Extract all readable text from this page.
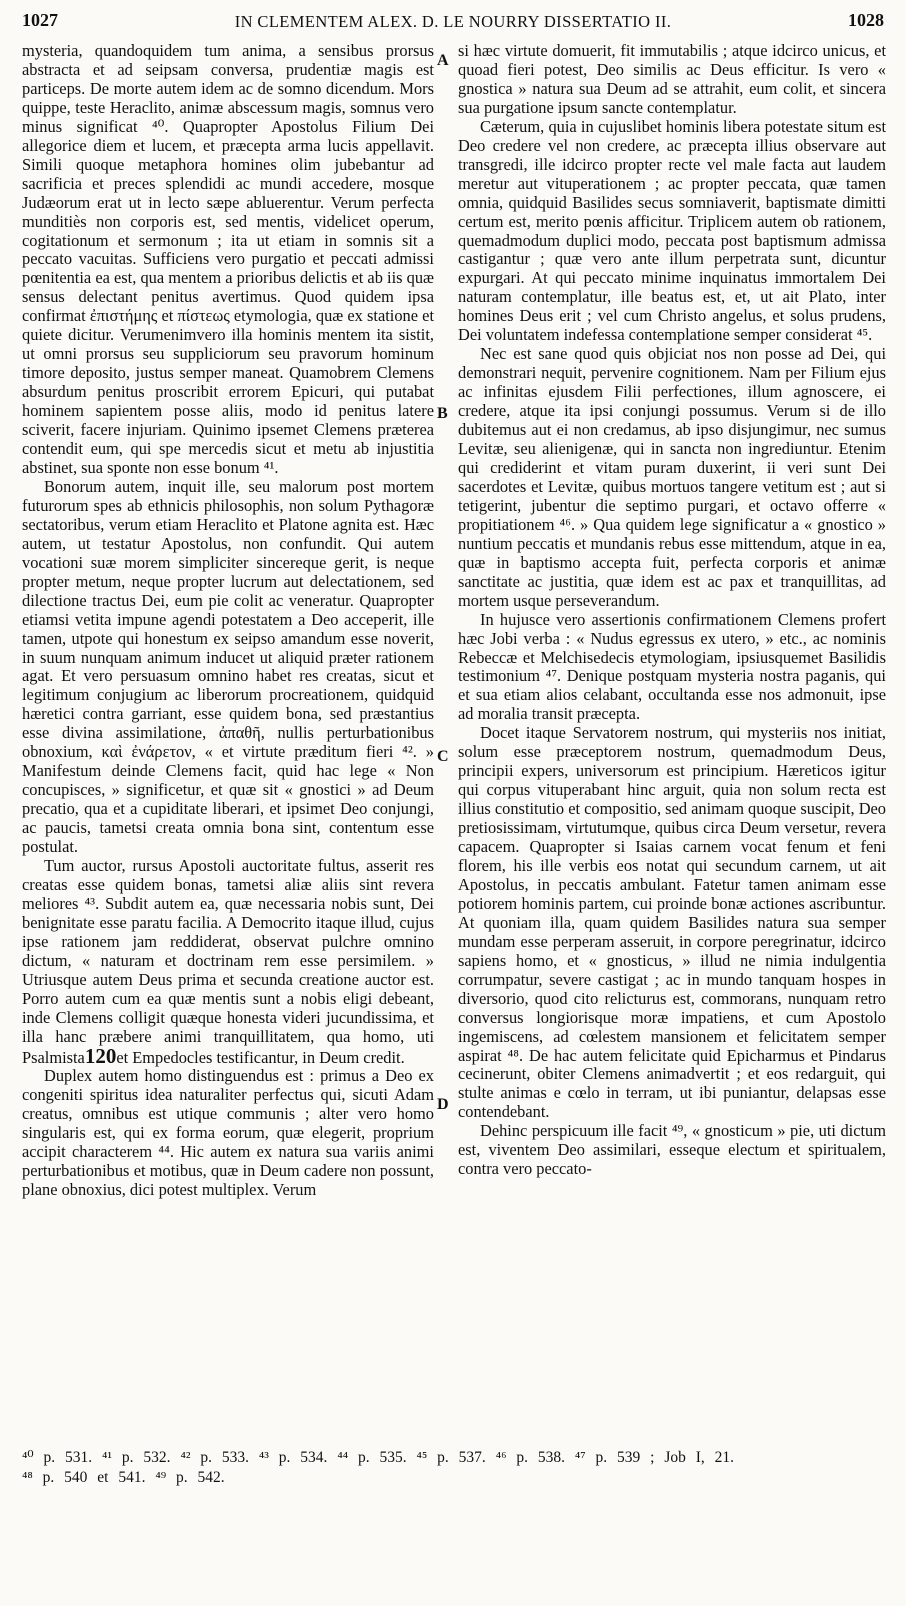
1027	IN CLEMENTEM ALEX. D. LE NOURRY DISSERTATIO II.	1028

mysteria, quandoquidem tum anima, a sensibus prorsus abstracta et ad seipsam conversa, prudentiæ magis est particeps. De morte autem idem ac de somno dicendum. Mors quippe, teste Heraclito, animæ abscessum magis, somnus vero minus significat ⁴⁰. Quapropter Apostolus Filium Dei allegorice diem et lucem, et præcepta arma lucis appellavit. Simili quoque metaphora homines olim jubebantur ad sacrificia et preces splendidi ac mundi accedere, mosque Judæorum erat ut in lecto sæpe abluerentur. Verum perfecta munditiès non corporis est, sed mentis, videlicet operum, cogitationum et sermonum ; ita ut etiam in somnis sit a peccato vacuitas. Sufficiens vero purgatio et peccati admissi pœnitentia ea est, qua mentem a prioribus delictis et ab iis quæ sensus delectant penitus avertimus. Quod quidem ipsa confirmat ἐπιστήμης et πίστεως etymologia, quæ ex statione et quiete dicitur. Verumenimvero illa hominis mentem ita sistit, ut omni prorsus seu suppliciorum seu pravorum hominum timore deposito, justus semper maneat. Quamobrem Clemens absurdum penitus proscribit errorem Epicuri, qui putabat hominem sapientem posse aliis, modo id penitus latere sciverit, facere injuriam. Quinimo ipsemet Clemens præterea contendit eum, qui spe mercedis sicut et metu ab injustitia abstinet, sua sponte non esse bonum ⁴¹.

Bonorum autem, inquit ille, seu malorum post mortem futurorum spes ab ethnicis philosophis, non solum Pythagoræ sectatoribus, verum etiam Heraclito et Platone agnita est. Hæc autem, ut testatur Apostolus, non confundit. Qui autem vocationi suæ morem simpliciter sincereque gerit, is neque propter metum, neque propter lucrum aut delectationem, sed dilectione tractus Dei, eum pie colit ac veneratur. Quapropter etiamsi vetita impune agendi potestatem a Deo acceperit, ille tamen, utpote qui honestum ex seipso amandum esse noverit, in suum nunquam animum inducet ut aliquid præter rationem agat. Et vero persuasum omnino habet res creatas, sicut et legitimum conjugium ac liberorum procreationem, quidquid hæretici contra garriant, esse quidem bona, sed præstantius esse divina assimilatione, ἀπαθῆ, nullis perturbationibus obnoxium, καὶ ἐνάρετον, « et virtute præditum fieri ⁴². » Manifestum deinde Clemens facit, quid hac lege « Non concupisces, » significetur, et quæ sit « gnostici » ad Deum precatio, qua et a cupiditate liberari, et ipsimet Deo conjungi, ac paucis, tametsi creata omnia bona sint, contentum esse postulat.

Tum auctor, rursus Apostoli auctoritate fultus, asserit res creatas esse quidem bonas, tametsi aliæ aliis sint revera meliores ⁴³. Subdit autem ea, quæ necessaria nobis sunt, Dei benignitate esse paratu facilia. A Democrito itaque illud, cujus ipse rationem jam reddiderat, observat pulchre omnino dictum, « naturam et doctrinam rem esse persimilem. » Utriusque autem Deus prima et secunda creatione auctor est. Porro autem cum ea quæ mentis sunt a nobis eligi debeant, inde Clemens colligit quæque honesta videri jucundissima, et illa hanc præbere animi tranquillitatem, qua homo, uti Psalmista120et Empedocles testificantur, in Deum credit.

Duplex autem homo distinguendus est : primus a Deo ex congeniti spiritus idea naturaliter perfectus qui, sicuti Adam creatus, omnibus est utique communis ; alter vero homo singularis est, qui ex forma eorum, quæ elegerit, proprium accipit characterem ⁴⁴. Hic autem ex natura sua variis animi perturbationibus et motibus, quæ in Deum cadere non possunt, plane obnoxius, dici potest multiplex. Verum

A
B
C
D

si hæc virtute domuerit, fit immutabilis ; atque idcirco unicus, et quoad fieri potest, Deo similis ac Deus efficitur. Is vero « gnostica » natura sua Deum ad se attrahit, eum colit, et sincera sua purgatione ipsum sancte contemplatur.

Cæterum, quia in cujuslibet hominis libera potestate situm est Deo credere vel non credere, ac præcepta illius observare aut transgredi, ille idcirco propter recte vel male facta aut laudem meretur aut vituperationem ; ac propter peccata, quæ tamen omnia, quidquid Basilides secus somniaverit, baptismate dimitti certum est, merito pœnis afficitur. Triplicem autem ob rationem, quemadmodum duplici modo, peccata post baptismum admissa castigantur ; quæ vero ante illum perpetrata sunt, dicuntur expurgari. At qui peccato minime inquinatus immortalem Dei naturam contemplatur, ille beatus est, et, ut ait Plato, inter homines Deus erit ; vel cum Christo angelus, et solus prudens, Dei voluntatem indefessa contemplatione semper considerat ⁴⁵.

Nec est sane quod quis objiciat nos non posse ad Dei, qui demonstrari nequit, pervenire cognitionem. Nam per Filium ejus ac infinitas ejusdem Filii perfectiones, illum agnoscere, ei credere, atque ita ipsi conjungi possumus. Verum si de illo dubitemus aut ei non credamus, ab ipso disjungimur, nec sumus Levitæ, seu alienigenæ, qui in sancta non ingrediuntur. Etenim qui crediderint et vitam puram duxerint, ii veri sunt Dei sacerdotes et Levitæ, quibus mortuos tangere vetitum est ; aut si tetigerint, jubentur die septimo purgari, et octavo offerre « propitiationem ⁴⁶. » Qua quidem lege significatur a « gnostico » nuntium peccatis et mundanis rebus esse mittendum, atque in ea, quæ in baptismo accepta fuit, perfecta corporis et animæ sanctitate ac justitia, quæ idem est ac pax et tranquillitas, ad mortem usque perseverandum.

In hujusce vero assertionis confirmationem Clemens profert hæc Jobi verba : « Nudus egressus ex utero, » etc., ac nominis Rebeccæ et Melchisedecis etymologiam, ipsiusquemet Basilidis testimonium ⁴⁷. Denique postquam mysteria nostra paganis, qui et sua etiam alios celabant, occultanda esse nos admonuit, ipse ad moralia transit præcepta.

Docet itaque Servatorem nostrum, qui mysteriis nos initiat, solum esse præceptorem nostrum, quemadmodum Deus, principii expers, universorum est principium. Hæreticos igitur qui corpus vituperabant hinc arguit, quia non solum recta est illius constitutio et compositio, sed animam quoque suscipit, Deo pretiosissimam, virtutumque, quibus circa Deum versetur, revera capacem. Quapropter si Isaias carnem vocat fenum et feni florem, his ille verbis eos notat qui secundum carnem, ut ait Apostolus, in peccatis ambulant. Fatetur tamen animam esse potiorem hominis partem, cui proinde bonæ actiones ascribuntur. At quoniam illa, quam quidem Basilides natura sua semper mundam esse perperam asseruit, in corpore peregrinatur, idcirco sapiens homo, et « gnosticus, » illud ne nimia indulgentia corrumpatur, severe castigat ; ac in mundo tanquam hospes in diversorio, quod cito relicturus est, commorans, nunquam retro conversus longiorisque moræ impatiens, et cum Apostolo ingemiscens, ad cœlestem mansionem et felicitatem semper aspirat ⁴⁸. De hac autem felicitate quid Epicharmus et Pindarus cecinerunt, obiter Clemens animadvertit ; et eos redarguit, qui stulte animas e cœlo in terram, ut ibi puniantur, delapsas esse contendebant.

Dehinc perspicuum ille facit ⁴⁹, « gnosticum » pie, uti dictum est, viventem Deo assimilari, esseque electum et spiritualem, contra vero peccato-

⁴⁰ p. 531. ⁴¹ p. 532. ⁴² p. 533. ⁴³ p. 534. ⁴⁴ p. 535. ⁴⁵ p. 537. ⁴⁶ p. 538. ⁴⁷ p. 539 ; Job I, 21.
⁴⁸ p. 540 et 541. ⁴⁹ p. 542.
